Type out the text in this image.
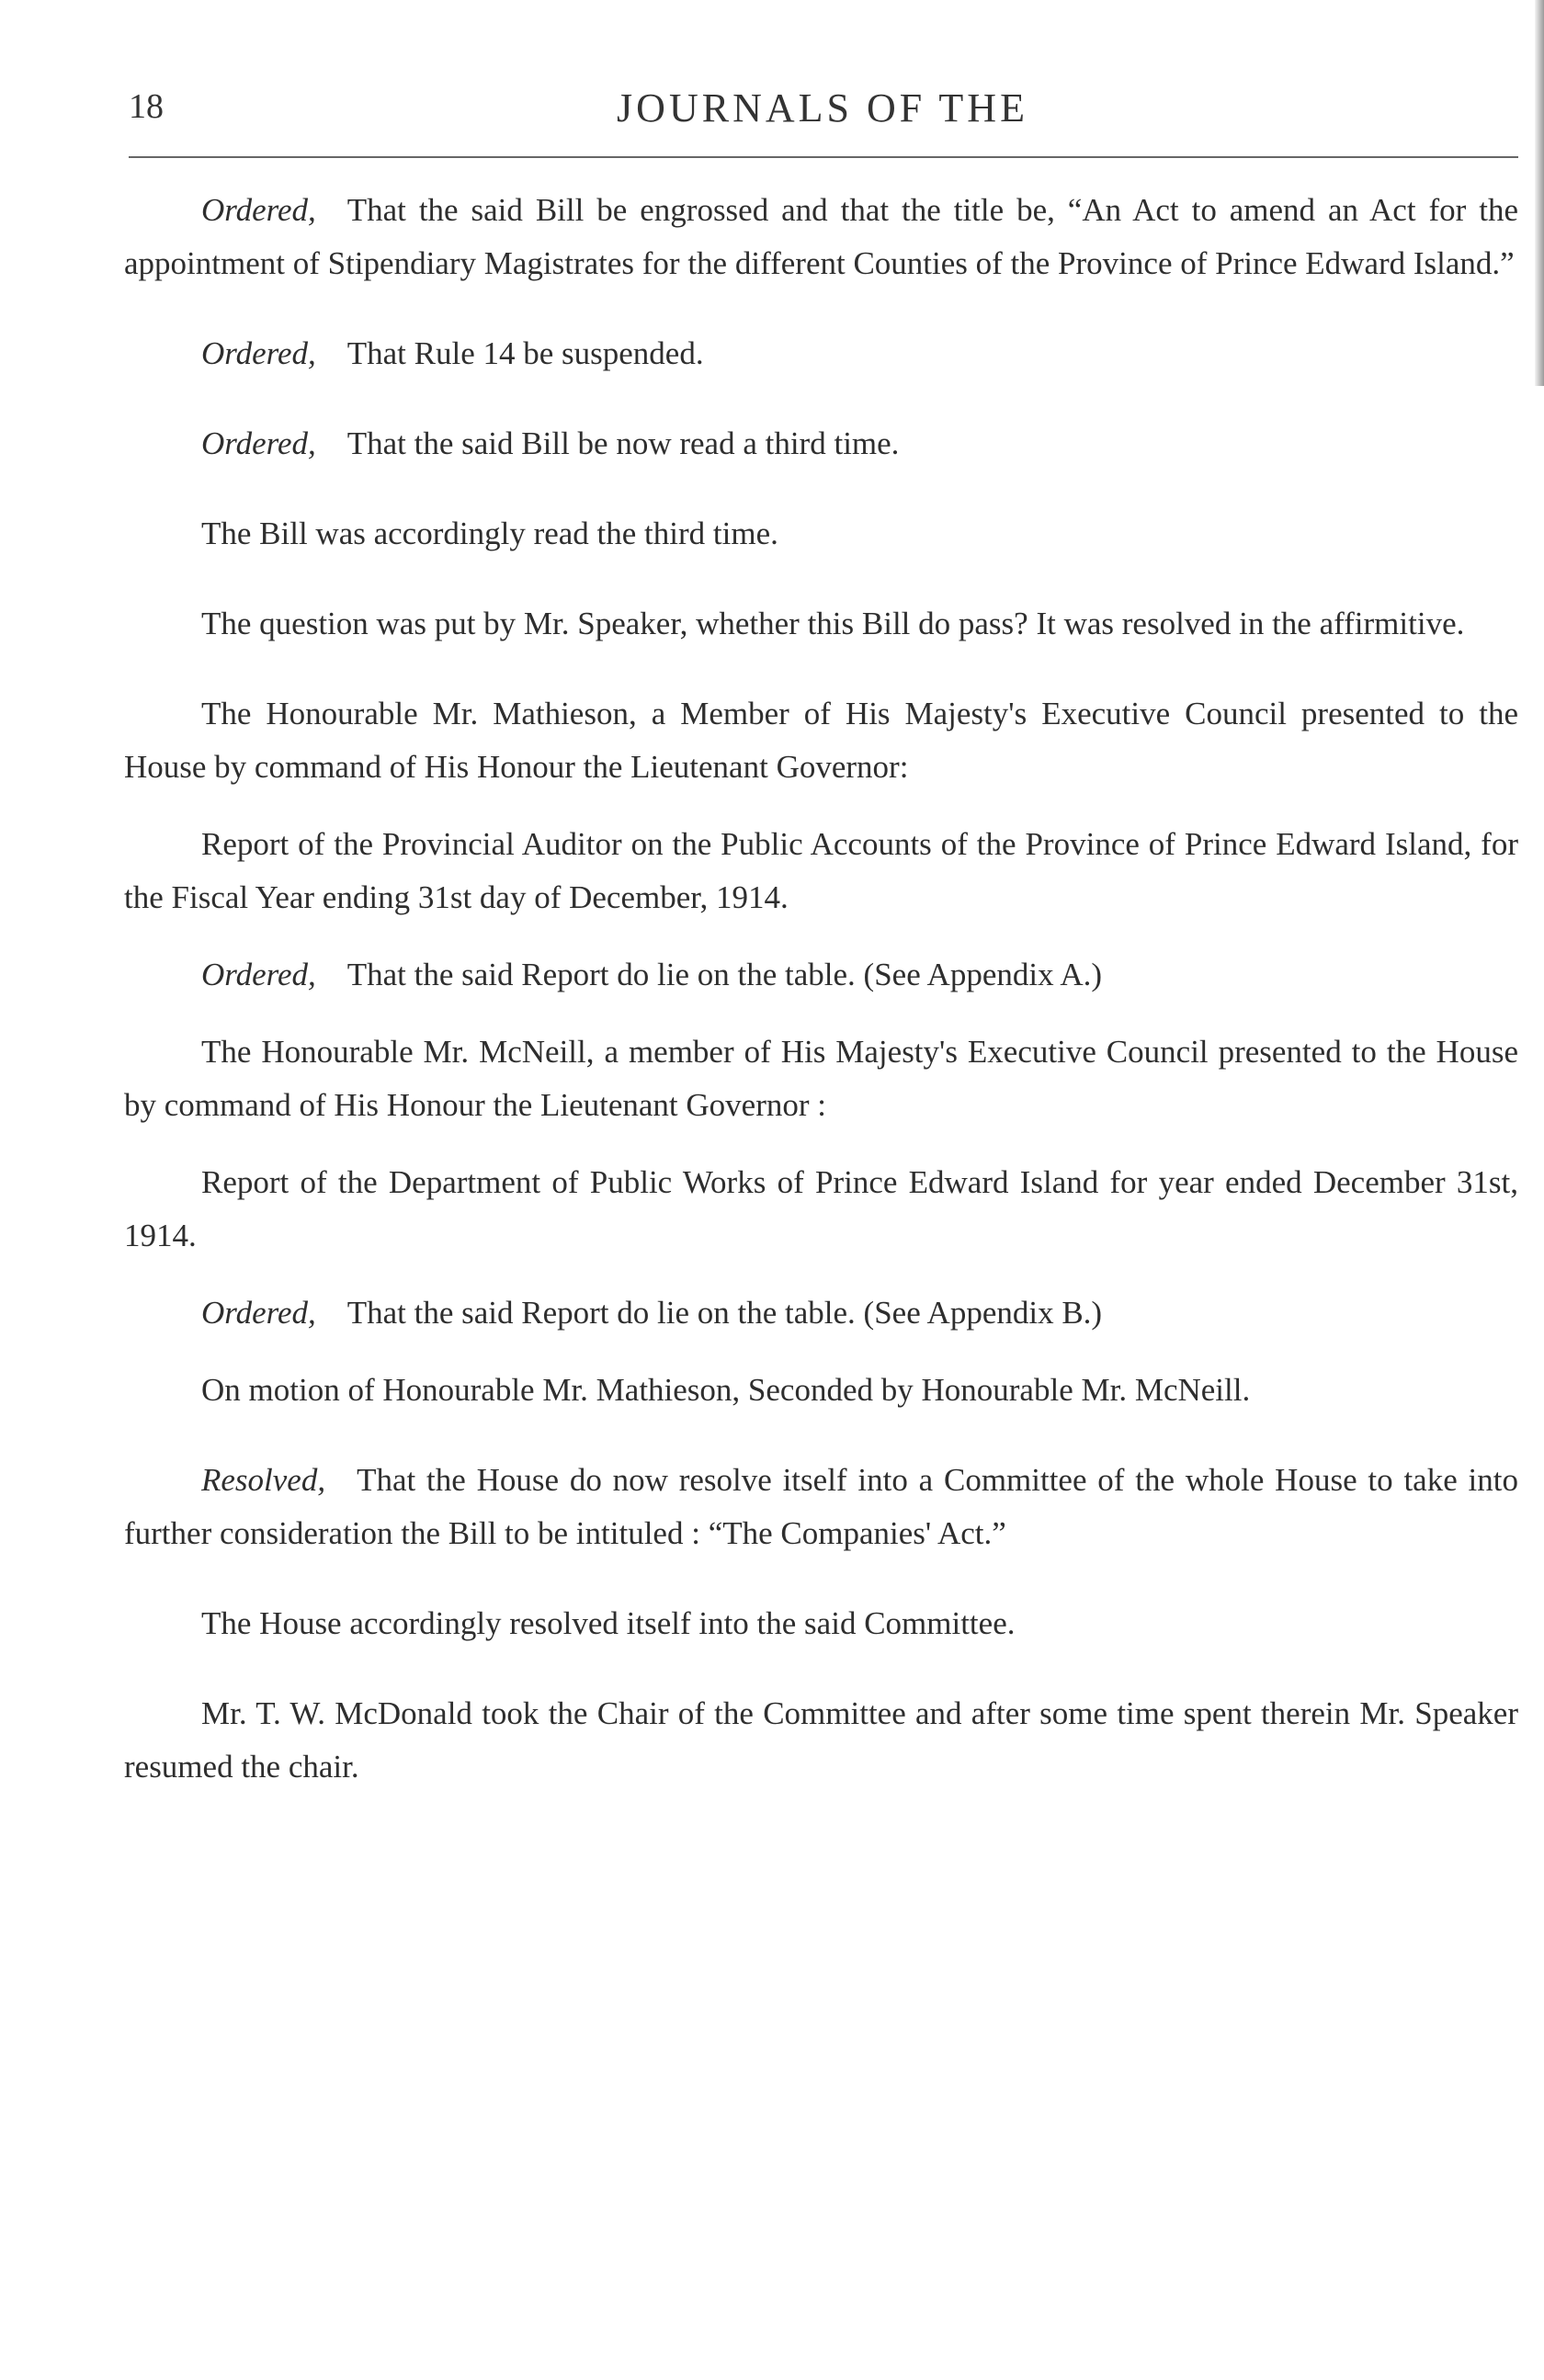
18	JOURNALS OF THE

Ordered, That the said Bill be engrossed and that the title be, “An Act to amend an Act for the appointment of Stipendiary Magistrates for the different Counties of the Province of Prince Edward Island.”

Ordered, That Rule 14 be suspended.

Ordered, That the said Bill be now read a third time.

The Bill was accordingly read the third time.

The question was put by Mr. Speaker, whether this Bill do pass? It was resolved in the affirmitive.

The Honourable Mr. Mathieson, a Member of His Majesty's Executive Council presented to the House by command of His Honour the Lieutenant Governor:

Report of the Provincial Auditor on the Public Accounts of the Province of Prince Edward Island, for the Fiscal Year ending 31st day of December, 1914.

Ordered, That the said Report do lie on the table. (See Appendix A.)

The Honourable Mr. McNeill, a member of His Majesty's Executive Council presented to the House by command of His Honour the Lieutenant Governor :

Report of the Department of Public Works of Prince Edward Island for year ended December 31st, 1914.

Ordered, That the said Report do lie on the table. (See Appendix B.)

On motion of Honourable Mr. Mathieson, Seconded by Honourable Mr. McNeill.

Resolved, That the House do now resolve itself into a Committee of the whole House to take into further consideration the Bill to be intituled : “The Companies' Act.”

The House accordingly resolved itself into the said Committee.

Mr. T. W. McDonald took the Chair of the Committee and after some time spent therein Mr. Speaker resumed the chair.
